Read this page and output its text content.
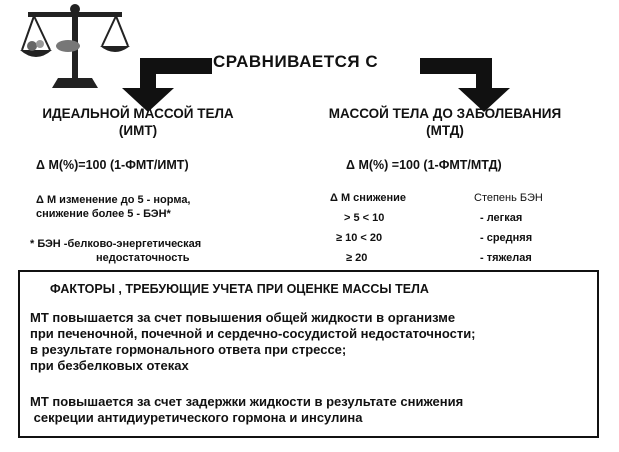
СРАВНИВАЕТСЯ С
ИДЕАЛЬНОЙ МАССОЙ ТЕЛА
(ИМТ)
Δ М(%)=100 (1-ФМТ/ИМТ)
Δ М изменение до 5 - норма,
снижение более 5 - БЭН*
* БЭН -белково-энергетическая
недостаточность
МАССОЙ ТЕЛА ДО ЗАБОЛЕВАНИЯ
(МТД)
Δ М(%) =100 (1-ФМТ/МТД)
Δ М снижение	Степень БЭН
> 5 < 10	- легкая
≥ 10 < 20	- средняя
≥ 20	- тяжелая
ФАКТОРЫ , ТРЕБУЮЩИЕ УЧЕТА ПРИ ОЦЕНКЕ МАССЫ ТЕЛА
МТ повышается за счет повышения общей жидкости в организме
при печеночной, почечной и сердечно-сосудистой недостаточности;
в результате гормонального ответа при стрессе;
при безбелковых отеках
МТ повышается за счет задержки жидкости в результате снижения
секреции антидиуретического гормона и инсулина
